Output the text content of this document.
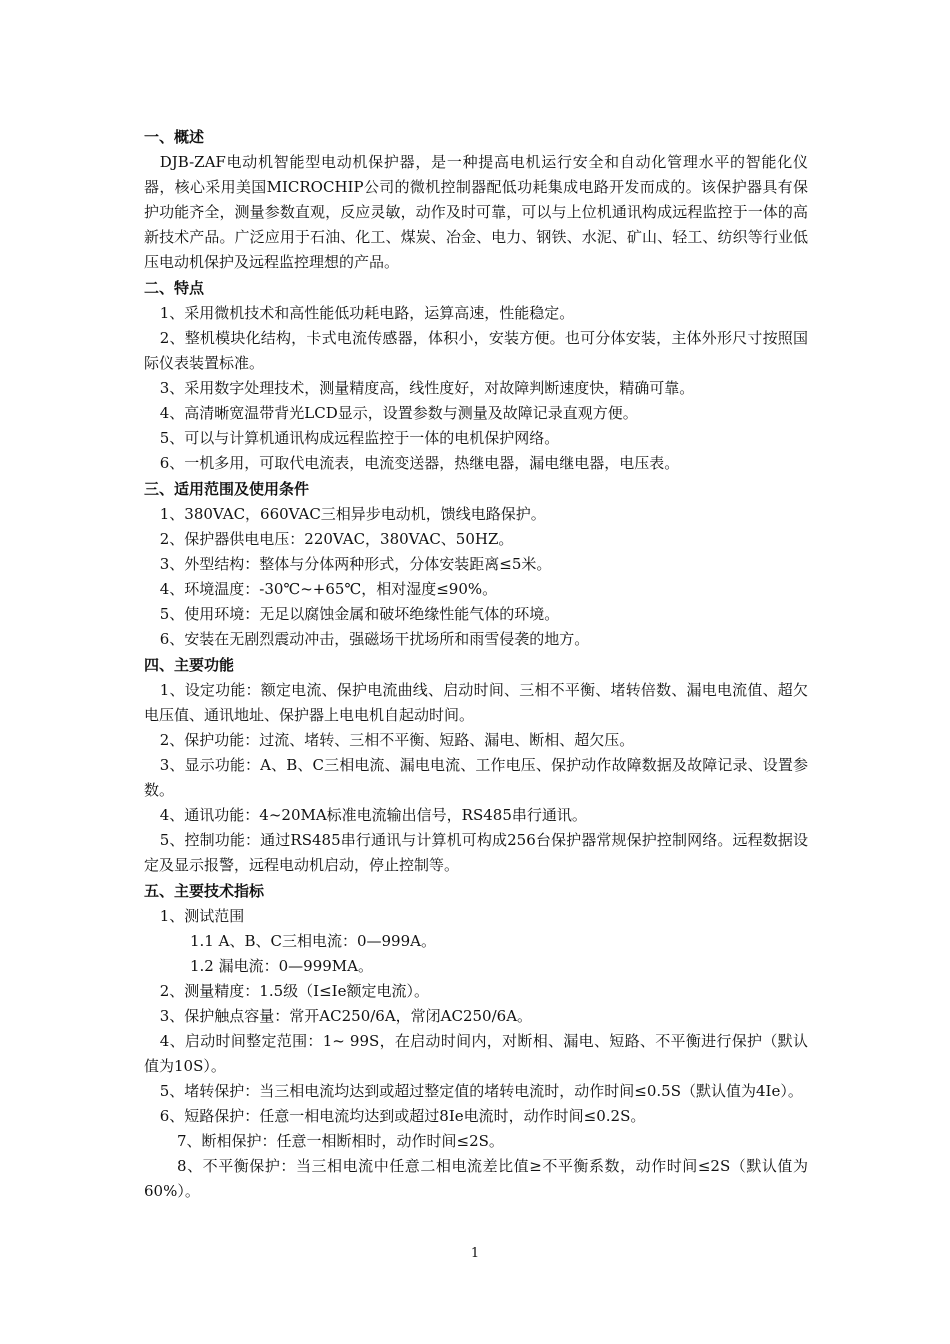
一、概述
DJB-ZAF电动机智能型电动机保护器，是一种提高电机运行安全和自动化管理水平的智能化仪器，核心采用美国MICROCHIP公司的微机控制器配低功耗集成电路开发而成的。该保护器具有保护功能齐全，测量参数直观，反应灵敏，动作及时可靠，可以与上位机通讯构成远程监控于一体的高新技术产品。广泛应用于石油、化工、煤炭、冶金、电力、钢铁、水泥、矿山、轻工、纺织等行业低压电动机保护及远程监控理想的产品。
二、特点
1、采用微机技术和高性能低功耗电路，运算高速，性能稳定。
2、整机模块化结构，卡式电流传感器，体积小，安装方便。也可分体安装，主体外形尺寸按照国际仪表装置标准。
3、采用数字处理技术，测量精度高，线性度好，对故障判断速度快，精确可靠。
4、高清晰宽温带背光LCD显示，设置参数与测量及故障记录直观方便。
5、可以与计算机通讯构成远程监控于一体的电机保护网络。
6、一机多用，可取代电流表，电流变送器，热继电器，漏电继电器，电压表。
三、适用范围及使用条件
1、380VAC，660VAC三相异步电动机，馈线电路保护。
2、保护器供电电压：220VAC，380VAC、50HZ。
3、外型结构：整体与分体两种形式，分体安装距离≤5米。
4、环境温度：-30℃~+65℃，相对湿度≤90%。
5、使用环境：无足以腐蚀金属和破坏绝缘性能气体的环境。
6、安装在无剧烈震动冲击，强磁场干扰场所和雨雪侵袭的地方。
四、主要功能
1、设定功能：额定电流、保护电流曲线、启动时间、三相不平衡、堵转倍数、漏电电流值、超欠电压值、通讯地址、保护器上电电机自起动时间。
2、保护功能：过流、堵转、三相不平衡、短路、漏电、断相、超欠压。
3、显示功能：A、B、C三相电流、漏电电流、工作电压、保护动作故障数据及故障记录、设置参数。
4、通讯功能：4~20MA标准电流输出信号，RS485串行通讯。
5、控制功能：通过RS485串行通讯与计算机可构成256台保护器常规保护控制网络。远程数据设定及显示报警，远程电动机启动，停止控制等。
五、主要技术指标
1、测试范围
1.1 A、B、C三相电流：0—999A。
1.2 漏电流：0—999MA。
2、测量精度：1.5级（I≤Ie额定电流）。
3、保护触点容量：常开AC250/6A，常闭AC250/6A。
4、启动时间整定范围：1~ 99S，在启动时间内，对断相、漏电、短路、不平衡进行保护（默认值为10S）。
5、堵转保护：当三相电流均达到或超过整定值的堵转电流时，动作时间≤0.5S（默认值为4Ie）。
6、短路保护：任意一相电流均达到或超过8Ie电流时，动作时间≤0.2S。
7、断相保护：任意一相断相时，动作时间≤2S。
8、不平衡保护：当三相电流中任意二相电流差比值≥不平衡系数，动作时间≤2S（默认值为60%）。
1
